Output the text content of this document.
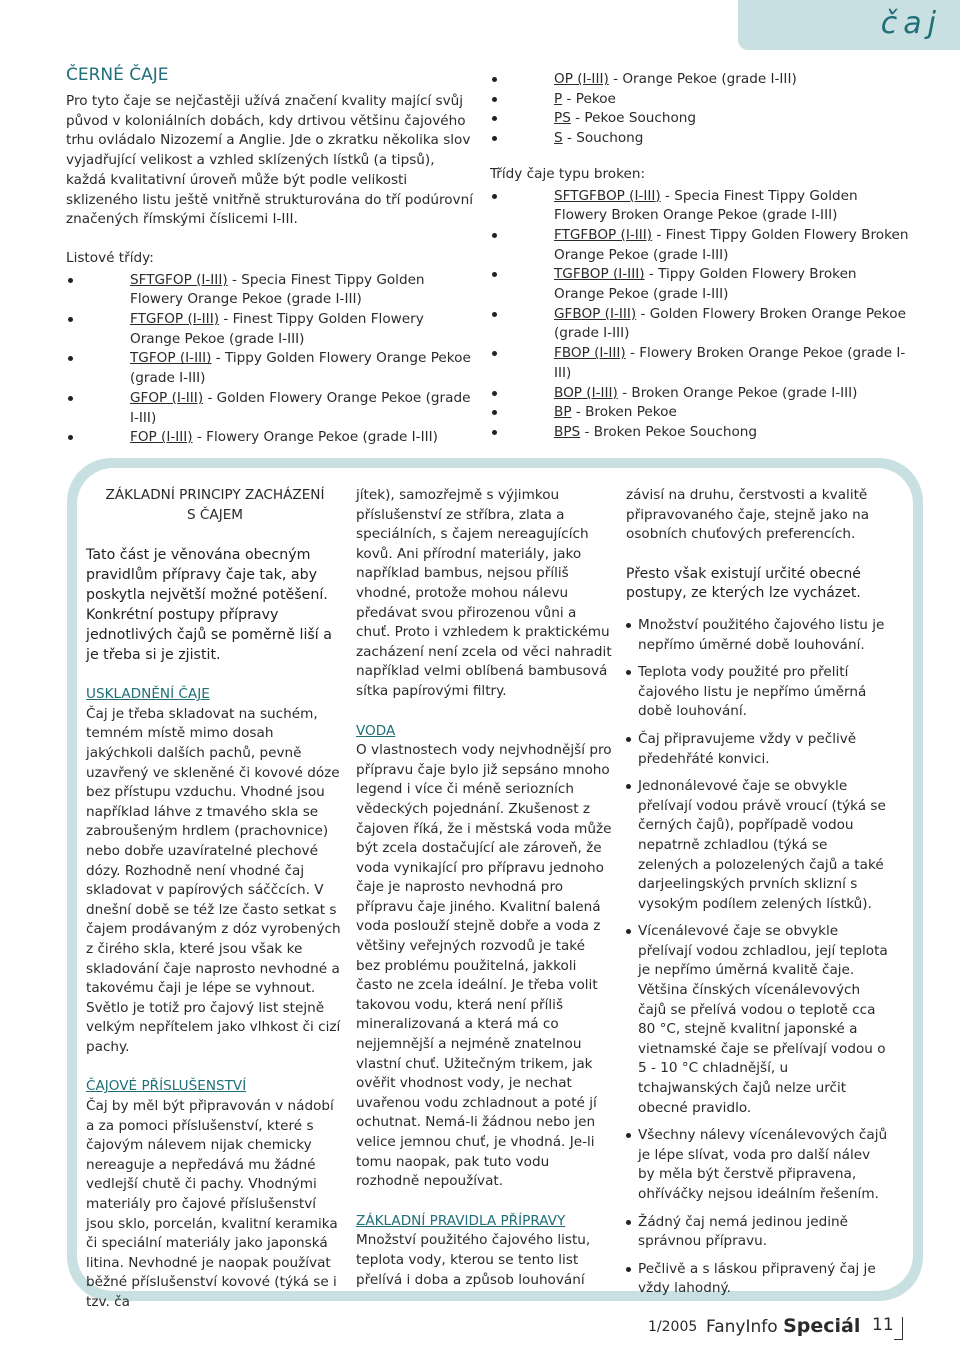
čaj
ČERNÉ ČAJE
Pro tyto čaje se nejčastěji užívá značení kvality mající svůj původ v koloniálních dobách, kdy drtivou většinu čajového trhu ovládalo Nizozemí a Anglie. Jde o zkratku několika slov vyjadřující velikost a vzhled sklízených lístků (a tipsů), každá kvalitativní úroveň může být podle velikosti sklizeného listu ještě vnitřně strukturována do tří podúrovní značených římskými číslicemi I-III.
Listové třídy:
SFTGFOP (I-III) - Specia Finest Tippy Golden Flowery Orange Pekoe (grade I-III)
FTGFOP (I-III) - Finest Tippy Golden Flowery Orange Pekoe (grade I-III)
TGFOP (I-III) - Tippy Golden Flowery Orange Pekoe (grade I-III)
GFOP (I-III) - Golden Flowery Orange Pekoe (grade I-III)
FOP (I-III) - Flowery Orange Pekoe (grade I-III)
OP (I-III) - Orange Pekoe (grade I-III)
P - Pekoe
PS - Pekoe Souchong
S - Souchong
Třídy čaje typu broken:
SFTGFBOP (I-III) - Specia Finest Tippy Golden Flowery Broken Orange Pekoe (grade I-III)
FTGFBOP (I-III) - Finest Tippy Golden Flowery Broken Orange Pekoe (grade I-III)
TGFBOP (I-III) - Tippy Golden Flowery Broken Orange Pekoe (grade I-III)
GFBOP (I-III) - Golden Flowery Broken Orange Pekoe (grade I-III)
FBOP (I-III) - Flowery Broken Orange Pekoe (grade I-III)
BOP (I-III) - Broken Orange Pekoe (grade I-III)
BP - Broken Pekoe
BPS - Broken Pekoe Souchong
ZÁKLADNÍ PRINCIPY ZACHÁZENÍ
S ČAJEM
Tato část je věnována obecným pravidlům přípravy čaje tak, aby poskytla největší možné potěšení. Konkrétní postupy přípravy jednotlivých čajů se poměrně liší a je třeba si je zjistit.
USKLADNĚNÍ ČAJE
Čaj je třeba skladovat na suchém, temném místě mimo dosah jakýchkoli dalších pachů, pevně uzavřený ve skleněné či kovové dóze bez přístupu vzduchu. Vhodné jsou například láhve z tmavého skla se zabroušeným hrdlem (prachovnice) nebo dobře uzavíratelné plechové dózy. Rozhodně není vhodné čaj skladovat v papírových sáččcích. V dnešní době se též lze často setkat s čajem prodávaným z dóz vyrobených z čirého skla, které jsou však ke skladování čaje naprosto nevhodné a takovému čaji je lépe se vyhnout. Světlo je totiž pro čajový list stejně velkým nepřítelem jako vlhkost či cizí pachy.
ČAJOVÉ PŘÍSLUŠENSTVÍ
Čaj by měl být připravován v nádobí a za pomoci příslušenství, které s čajovým nálevem nijak chemicky nereaguje a nepředává mu žádné vedlejší chutě či pachy. Vhodnými materiály pro čajové příslušenství jsou sklo, porcelán, kvalitní keramika či speciální materiály jako japonská litina. Nevhodné je naopak používat běžné příslušenství kovové (týká se i tzv. ča
jítek), samozřejmě s výjimkou příslušenství ze stříbra, zlata a speciálních, s čajem nereagujících kovů. Ani přírodní materiály, jako například bambus, nejsou příliš vhodné, protože mohou nálevu předávat svou přirozenou vůni a chuť. Proto i vzhledem k praktickému zacházení není zcela od věci nahradit například velmi oblíbená bambusová sítka papírovými filtry.
VODA
O vlastnostech vody nejvhodnější pro přípravu čaje bylo již sepsáno mnoho legend i více či méně seriozních vědeckých pojednání. Zkušenost z čajoven říká, že i městská voda může být zcela dostačující ale zároveň, že voda vynikající pro přípravu jednoho čaje je naprosto nevhodná pro přípravu čaje jiného. Kvalitní balená voda poslouží stejně dobře a voda z většiny veřejných rozvodů je také bez problému použitelná, jakkoli často ne zcela ideální. Je třeba volit takovou vodu, která není příliš mineralizovaná a která má co nejjemnější a nejméně znatelnou vlastní chuť. Užitečným trikem, jak ověřit vhodnost vody, je nechat uvařenou vodu zchladnout a poté jí ochutnat. Nemá-li žádnou nebo jen velice jemnou chuť, je vhodná. Je-li tomu naopak, pak tuto vodu rozhodně nepoužívat.
ZÁKLADNÍ PRAVIDLA PŘÍPRAVY
Množství použitého čajového listu, teplota vody, kterou se tento list přelívá i doba a způsob louhování
závisí na druhu, čerstvosti a kvalitě připravovaného čaje, stejně jako na osobních chuťových preferencích.
Přesto však existují určité obecné postupy, ze kterých lze vycházet.
Množství použitého čajového listu je nepřímo úměrné době louhování.
Teplota vody použité pro přelití čajového listu je nepřímo úměrná době louhování.
Čaj připravujeme vždy v pečlivě předehřáté konvici.
Jednonálevové čaje se obvykle přelívají vodou právě vroucí (týká se černých čajů), popřípadě vodou nepatrně zchladlou (týká se zelených a polozelených čajů a také darjeelingských prvních sklizní s vysokým podílem zelených lístků).
Vícenálevové čaje se obvykle přelívají vodou zchladlou, její teplota je nepřímo úměrná kvalitě čaje. Většina čínských vícenálevových čajů se přelívá vodou o teplotě cca 80 °C, stejně kvalitní japonské a vietnamské čaje se přelívají vodou o 5 - 10 °C chladnější, u tchajwanských čajů nelze určit obecné pravidlo.
Všechny nálevy vícenálevových čajů je lépe slívat, voda pro další nálev by měla být čerstvě připravena, ohříváčky nejsou ideálním řešením.
Žádný čaj nemá jedinou jedině správnou přípravu.
Pečlivě a s láskou připravený čaj je vždy lahodný.
1/2005 FanyInfo Speciál 11
